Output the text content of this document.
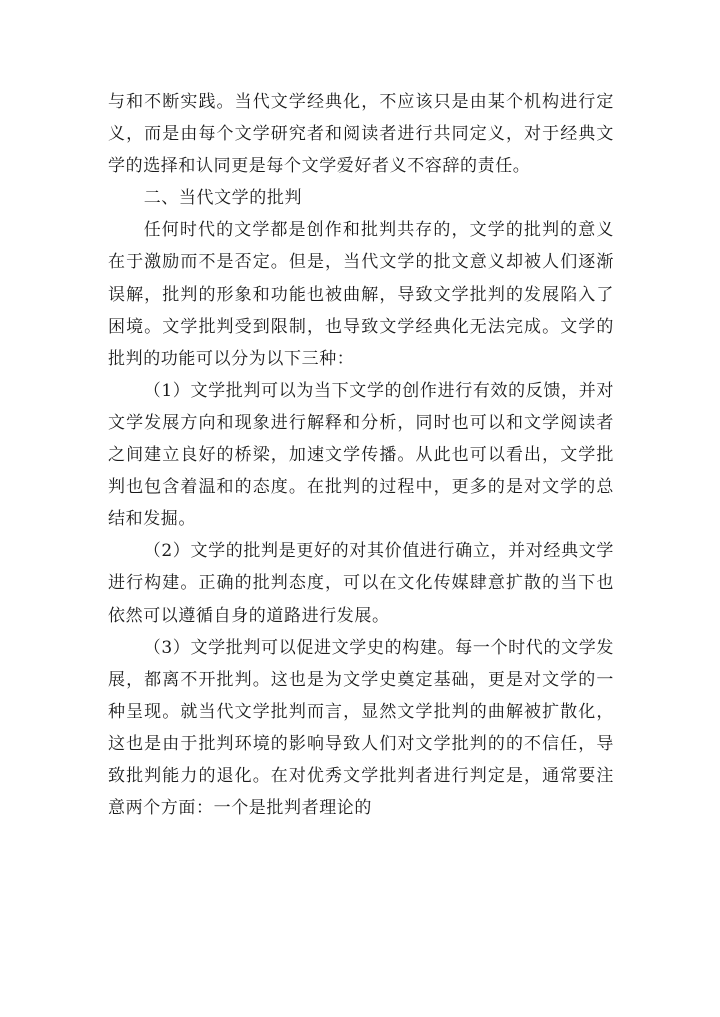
与和不断实践。当代文学经典化，不应该只是由某个机构进行定义，而是由每个文学研究者和阅读者进行共同定义，对于经典文学的选择和认同更是每个文学爱好者义不容辞的责任。

二、当代文学的批判

任何时代的文学都是创作和批判共存的，文学的批判的意义在于激励而不是否定。但是，当代文学的批文意义却被人们逐渐误解，批判的形象和功能也被曲解，导致文学批判的发展陷入了困境。文学批判受到限制，也导致文学经典化无法完成。文学的批判的功能可以分为以下三种：

（1）文学批判可以为当下文学的创作进行有效的反馈，并对文学发展方向和现象进行解释和分析，同时也可以和文学阅读者之间建立良好的桥梁，加速文学传播。从此也可以看出，文学批判也包含着温和的态度。在批判的过程中，更多的是对文学的总结和发掘。

（2）文学的批判是更好的对其价值进行确立，并对经典文学进行构建。正确的批判态度，可以在文化传媒肆意扩散的当下也依然可以遵循自身的道路进行发展。

（3）文学批判可以促进文学史的构建。每一个时代的文学发展，都离不开批判。这也是为文学史奠定基础，更是对文学的一种呈现。就当代文学批判而言，显然文学批判的曲解被扩散化，这也是由于批判环境的影响导致人们对文学批判的的不信任，导致批判能力的退化。在对优秀文学批判者进行判定是，通常要注意两个方面：一个是批判者理论的
